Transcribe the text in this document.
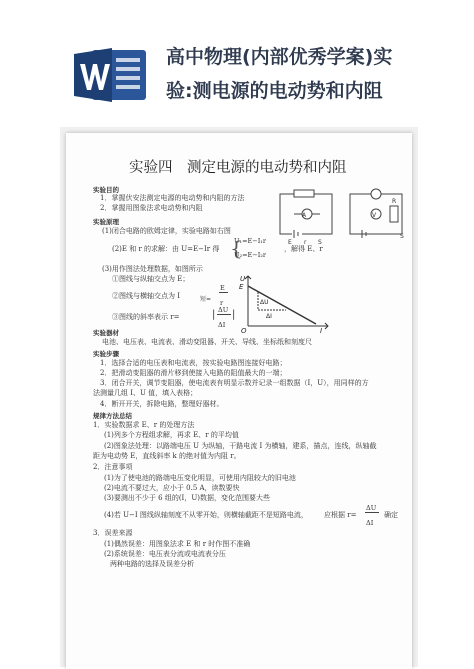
高中物理(内部优秀学案)实
验:测电源的电动势和内阻
实验四　测定电源的电动势和内阻
实验目的
1．掌握伏安法测定电源的电动势和内阻的方法
2．掌握用图象法求电动势和内阻
A	V
R
S
E r S
实验原理
(1)闭合电路的欧姆定律，实验电路如右图
(2)E 和 r 的求解：由 U=E−Ir 得
U₁=E−I₁r
U₂=E−I₂r
{	，解得 E、r
(3)用作图法处理数据，如图所示
①图线与纵轴交点为 E；
②图线与横轴交点为 I	短=
E
r
③图线的斜率表示 r=
ΔU
ΔI
| |
U
E
O	I
ΔU
ΔI
实验器材
电池、电压表、电流表、滑动变阻器、开关、导线、坐标纸和刻度尺
实验步骤
1．选择合适的电压表和电流表，按实验电路图连接好电路；
2．把滑动变阻器的滑片移到使接入电路的阻值最大的一端；
3．闭合开关，调节变阻器，使电流表有明显示数并记录一组数据（I，U），用同样的方
法测量几组 I、U 值，填入表格；
4．断开开关，拆除电路，整理好器材。
规律方法总结
1．实验数据求 E、r 的处理方法
(1)列多个方程组求解，再求 E、r 的平均值
(2)图象法处理：以路端电压 U 为纵轴，干路电流 I 为横轴，建系，描点，连线，纵轴截
距为电动势 E，直线斜率 k 的绝对值为内阻 r。
2．注意事项
(1)为了使电池的路端电压变化明显，可使用内阻较大的旧电池
(2)电流不要过大，应小于 0.5 A，读数要快
(3)要测出不少于 6 组的(I，U)数据，变化范围要大些
(4)若 U−I 图线纵轴刻度不从零开始，则横轴截距不是短路电流， 应根据 r=
ΔU
ΔI
确定
3．误差来源
(1)偶然误差：用图象法求 E 和 r 时作图不准确
(2)系统误差：电压表分流或电流表分压
两种电路的选择及误差分析
